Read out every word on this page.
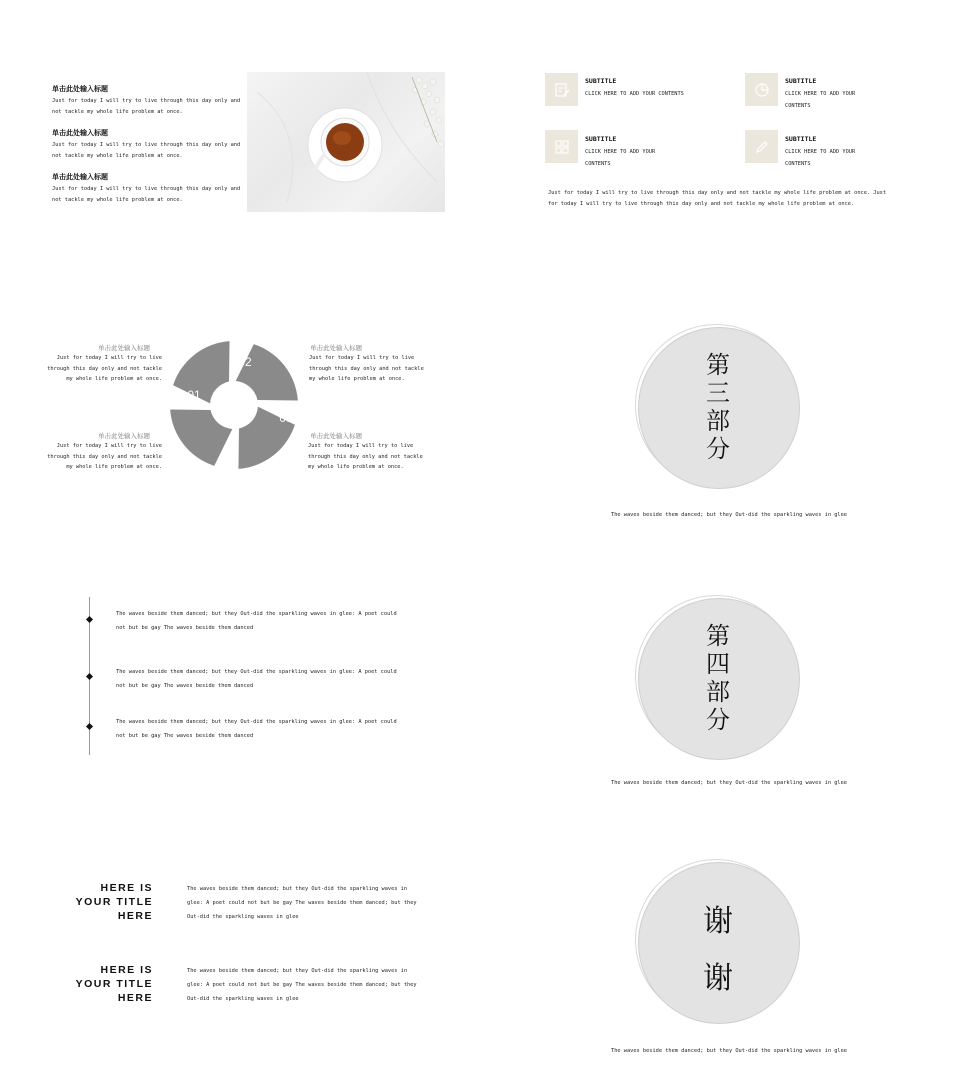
单击此处输入标题
Just for today I will try to live through this day only and not tackle my whole life problem at once.
单击此处输入标题
Just for today I will try to live through this day only and not tackle my whole life problem at once.
单击此处输入标题
Just for today I will try to live through this day only and not tackle my whole life problem at once.
SUBTITLE
CLICK HERE TO ADD YOUR CONTENTS
SUBTITLE
CLICK HERE TO ADD YOUR CONTENTS
SUBTITLE
CLICK HERE TO ADD YOUR CONTENTS
SUBTITLE
CLICK HERE TO ADD YOUR CONTENTS
Just for today I will try to live through this day only and not tackle my whole life problem at once. Just for today I will try to live through this day only and not tackle my whole life problem at once.
单击此处输入标题
Just for today I will try to live through this day only and not tackle my whole life problem at once.
单击此处输入标题
Just for today I will try to live through this day only and not tackle my whole life problem at once.
单击此处输入标题
Just for today I will try to live through this day only and not tackle my whole life problem at once.
单击此处输入标题
Just for today I will try to live through this day only and not tackle my whole life problem at once.
01
02
03
04
第
三
部
分
The waves beside them danced; but they Out-did the sparkling waves in glee
The waves beside them danced; but they Out-did the sparkling waves in glee: A poet could not but be gay The waves beside them danced
The waves beside them danced; but they Out-did the sparkling waves in glee: A poet could not but be gay The waves beside them danced
The waves beside them danced; but they Out-did the sparkling waves in glee: A poet could not but be gay The waves beside them danced
第
四
部
分
The waves beside them danced; but they Out-did the sparkling waves in glee
HERE IS
YOUR TITLE
HERE
The waves beside them danced; but they Out-did the sparkling waves in glee: A poet could not but be gay The waves beside them danced; but they Out-did the sparkling waves in glee
HERE IS
YOUR TITLE
HERE
The waves beside them danced; but they Out-did the sparkling waves in glee: A poet could not but be gay The waves beside them danced; but they Out-did the sparkling waves in glee
谢
谢
The waves beside them danced; but they Out-did the sparkling waves in glee
